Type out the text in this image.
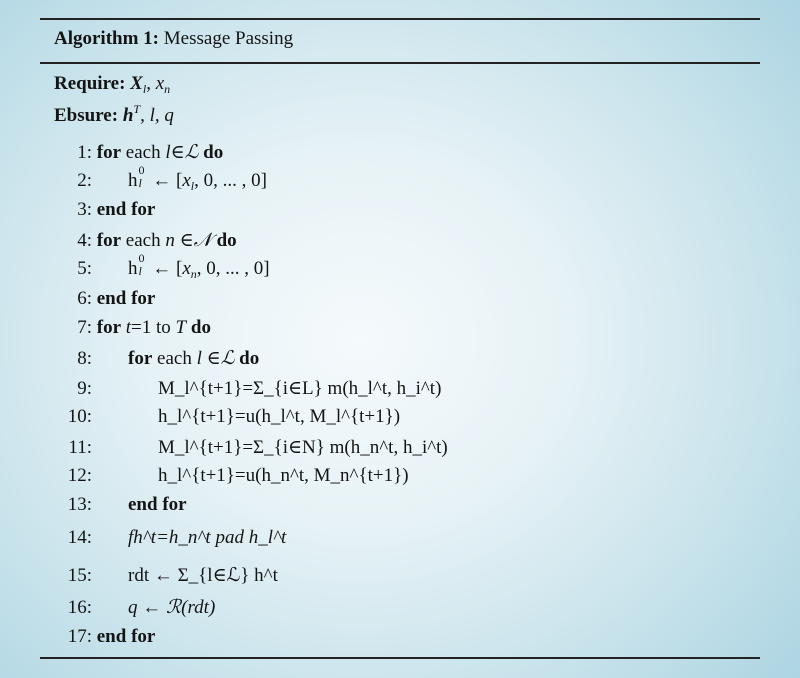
Algorithm 1: Message Passing
Require: $X_l$, $x_n$
Ebsure: $h^T$, l, q
1: for each l∈ℒ do
2: h 0
l ← [$x_l$, 0, ... , 0]
3: end for
4: for each n ∈𝒩 do
5: h 0
l ← [$x_n$, 0, ... , 0]
6: end for
7: for t=1 to T do
8: for each l ∈ℒ do
9:	M_l^{t+1}=Σ_{i∈L} m(h_l^t, h_i^t)
10:	h_l^{t+1}=u(h_l^t, M_l^{t+1})
11:	M_l^{t+1}=Σ_{i∈N} m(h_n^t, h_i^t)
12:	h_l^{t+1}=u(h_n^t, M_n^{t+1})
13: end for
14: fh^t=h_n^t pad h_l^t
15: rdt ← Σ_{l∈ℒ} h^t
16: q ← ℛ(rdt)
17: end for
